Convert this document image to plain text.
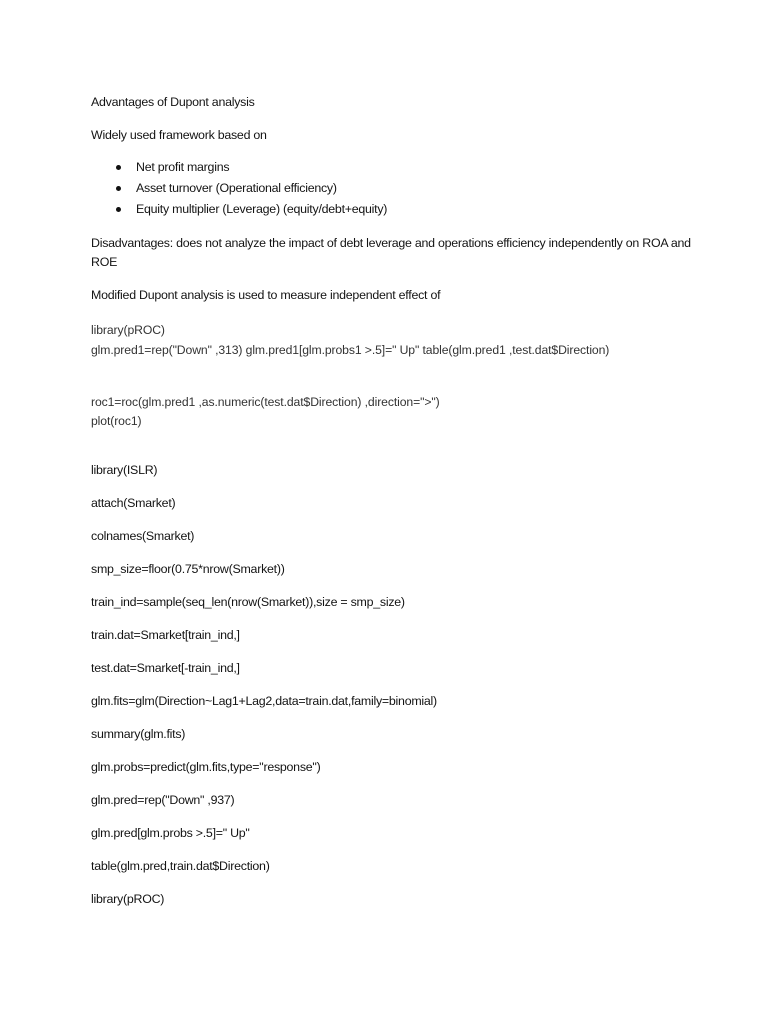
Advantages of Dupont analysis
Widely used framework based on
Net profit margins
Asset turnover (Operational efficiency)
Equity multiplier (Leverage) (equity/debt+equity)
Disadvantages: does not analyze the impact of debt leverage and operations efficiency independently on ROA and ROE
Modified Dupont analysis is used to measure independent effect of
library(pROC)
glm.pred1=rep("Down" ,313) glm.pred1[glm.probs1 >.5]=" Up" table(glm.pred1 ,test.dat$Direction)
roc1=roc(glm.pred1 ,as.numeric(test.dat$Direction) ,direction=">")
plot(roc1)
library(ISLR)
attach(Smarket)
colnames(Smarket)
smp_size=floor(0.75*nrow(Smarket))
train_ind=sample(seq_len(nrow(Smarket)),size = smp_size)
train.dat=Smarket[train_ind,]
test.dat=Smarket[-train_ind,]
glm.fits=glm(Direction~Lag1+Lag2,data=train.dat,family=binomial)
summary(glm.fits)
glm.probs=predict(glm.fits,type="response")
glm.pred=rep("Down" ,937)
glm.pred[glm.probs >.5]=" Up"
table(glm.pred,train.dat$Direction)
library(pROC)
